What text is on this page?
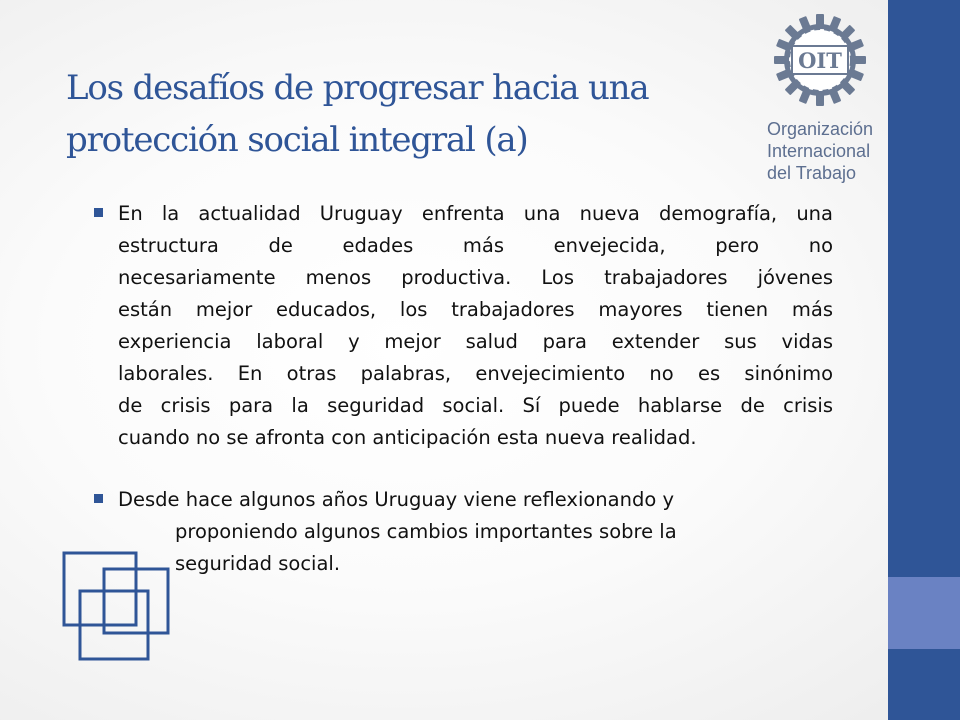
Los desafíos de progresar hacia una
protección social integral (a)
OIT
Organización
Internacional
del Trabajo
En la actualidad Uruguay enfrenta una nueva demografía, una
estructura de edades más envejecida, pero no
necesariamente menos productiva. Los trabajadores jóvenes
están mejor educados, los trabajadores mayores tienen más
experiencia laboral y mejor salud para extender sus vidas
laborales. En otras palabras, envejecimiento no es sinónimo
de crisis para la seguridad social. Sí puede hablarse de crisis
cuando no se afronta con anticipación esta nueva realidad.
Desde hace algunos años Uruguay viene reflexionando y
proponiendo algunos cambios importantes sobre la
seguridad social.
